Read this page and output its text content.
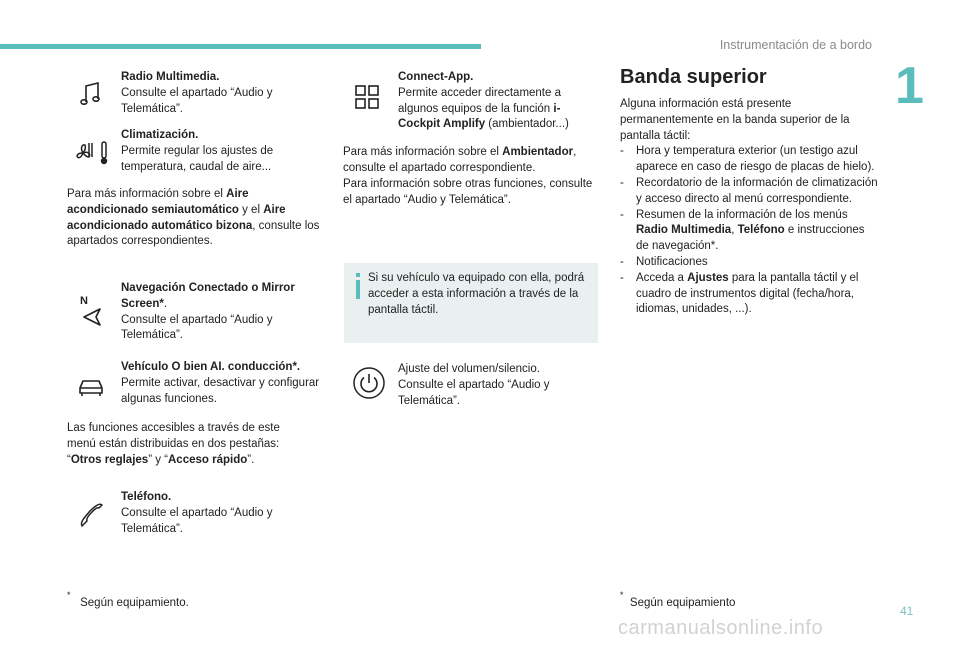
Instrumentación de a bordo
1
Radio Multimedia.
Consulte el apartado “Audio y Telemática”.
Climatización.
Permite regular los ajustes de temperatura, caudal de aire...
Para más información sobre el Aire acondicionado semiautomático y el Aire acondicionado automático bizona, consulte los apartados correspondientes.
N
Navegación Conectado o Mirror Screen*.
Consulte el apartado “Audio y Telemática”.
Vehículo O bien AI. conducción*.
Permite activar, desactivar y configurar algunas funciones.
Las funciones accesibles a través de este menú están distribuidas en dos pestañas: “Otros reglajes” y “Acceso rápido”.
Teléfono.
Consulte el apartado “Audio y Telemática”.
*   Según equipamiento.
Connect-App.
Permite acceder directamente a algunos equipos de la función i-Cockpit Amplify (ambientador...)
Para más información sobre el Ambientador, consulte el apartado correspondiente.
Para información sobre otras funciones, consulte el apartado “Audio y Telemática”.
Si su vehículo va equipado con ella, podrá acceder a esta información a través de la pantalla táctil.
Ajuste del volumen/silencio. Consulte el apartado “Audio y Telemática”.
Banda superior
Alguna información está presente permanentemente en la banda superior de la pantalla táctil:
- Hora y temperatura exterior (un testigo azul aparece en caso de riesgo de placas de hielo).
- Recordatorio de la información de climatización y acceso directo al menú correspondiente.
- Resumen de la información de los menús Radio Multimedia, Teléfono e instrucciones de navegación*.
- Notificaciones
- Acceda a Ajustes para la pantalla táctil y el cuadro de instrumentos digital (fecha/hora, idiomas, unidades, ...).
*  Según equipamiento
41
carmanualsonline.info
